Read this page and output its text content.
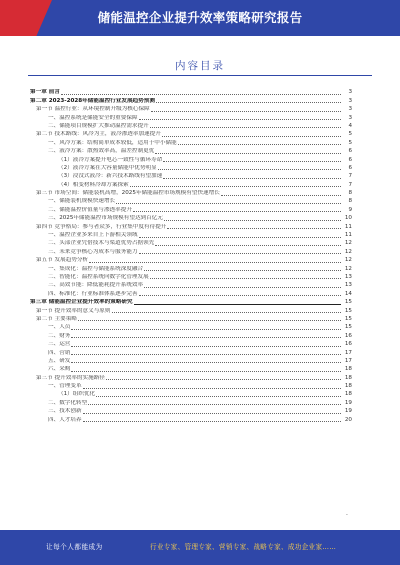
储能温控企业提升效率策略研究报告
内容目录
第一章 前言	3
第二章 2023-2028年储能温控行业发展趋势预测	3
第一节 温控行业：从环境控制升级为核心保障	3
一、温控系统是储能安全的重要保障	3
二、储能项目规模扩大推动温控需求提升	4
第二节 技术路线：风冷为主，液冷渗透率加速提升	5
一、风冷方案：结构简单成本较低，适用于中小储能	5
二、液冷方案：散热效率高，温差控制更优	6
（1）液冷方案提升电芯一致性与循环寿命	6
（2）液冷方案在大容量储能中优势明显	6
（3）浸没式液冷：新兴技术路线有望加速	7
（4）相变材料冷却方案探索	7
第三节 市场空间：储能装机高增，2025年储能温控市场规模有望快速增长	8
一、储能装机规模快速增长	8
二、储能温控价值量与渗透率提升	9
三、2025年储能温控市场规模有望达到百亿元	10
第四节 竞争格局：参与者众多，行业集中度有待提升	11
一、温控企业多来自上下游相关领域	11
二、头部企业凭借技术与渠道优势占据领先	12
三、未来竞争核心为成本与服务能力	12
第五节 发展趋势分析	12
一、集成化：温控与储能系统深度融合	12
二、智能化：温控系统向数字化管理发展	13
三、高效节能：降低能耗提升系统效率	13
四、标准化：行业标准体系逐步完善	14
第三章 储能温控企业提升效率的策略研究	15
第一节 提升效率的意义与原则	15
第二节 主要策略	15
一、人员	15
二、财务	16
三、运营	16
四、营销	17
五、研发	17
六、采购	18
第三节 提升效率的实施路径	18
一、管理变革	18
（1）组织优化	18
二、数字化转型	19
三、技术创新	19
四、人才培养	20
-
让每个人都能成为	行业专家、管理专家、营销专家、战略专家、成功企业家……
